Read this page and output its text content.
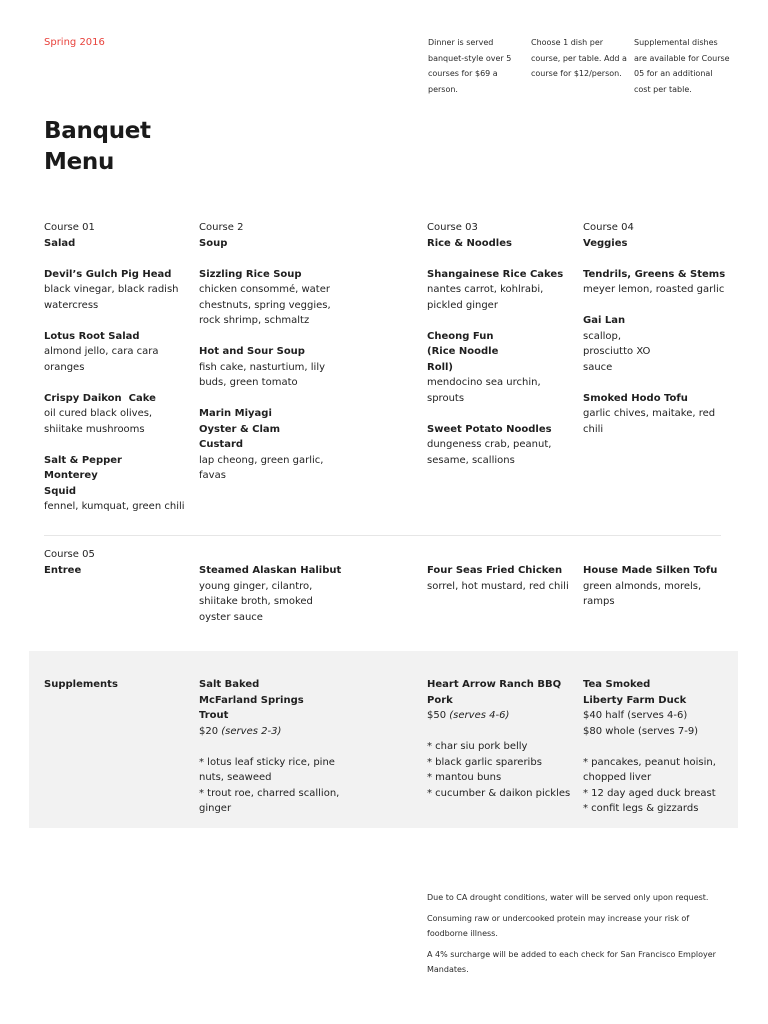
Spring 2016	Dinner is served banquet-style over 5 courses for $69 a person.
Choose 1 dish per course, per table. Add a course for $12/person.
Supplemental dishes are available for Course 05 for an additional cost per table.
Banquet
Menu
Course 01
Salad
Devil’s Gulch Pig Head
black vinegar, black radish watercress
Lotus Root Salad
almond jello, cara cara oranges
Crispy Daikon  Cake
oil cured black olives, shiitake mushrooms
Salt & Pepper Monterey Squid
fennel, kumquat, green chili
Course 2
Soup
Sizzling Rice Soup
chicken consommé, water chestnuts, spring veggies, rock shrimp, schmaltz
Hot and Sour Soup
fish cake, nasturtium, lily buds, green tomato
Marin Miyagi Oyster & Clam Custard
lap cheong, green garlic, favas
Course 03
Rice & Noodles
Shangainese Rice Cakes
nantes carrot, kohlrabi, pickled ginger
Cheong Fun (Rice Noodle Roll)
mendocino sea urchin, sprouts
Sweet Potato Noodles
dungeness crab, peanut, sesame, scallions
Course 04
Veggies
Tendrils, Greens & Stems
meyer lemon, roasted garlic
Gai Lan
scallop, prosciutto XO sauce
Smoked Hodo Tofu
garlic chives, maitake, red chili
Course 05
Entree	Steamed Alaskan Halibut
young ginger, cilantro, shiitake broth, smoked oyster sauce
Four Seas Fried Chicken
sorrel, hot mustard, red chili
House Made Silken Tofu
green almonds, morels, ramps
Supplements	Salt Baked McFarland Springs Trout
$20 (serves 2-3)
* lotus leaf sticky rice, pine nuts, seaweed
* trout roe, charred scallion, ginger
Heart Arrow Ranch BBQ Pork
$50 (serves 4-6)
* char siu pork belly
* black garlic spareribs
* mantou buns
* cucumber & daikon pickles
Tea Smoked Liberty Farm Duck
$40 half (serves 4-6)
$80 whole (serves 7-9)
* pancakes, peanut hoisin, chopped liver
* 12 day aged duck breast
* confit legs & gizzards

Due to CA drought conditions, water will be served only upon request.

Consuming raw or undercooked protein may increase your risk of foodborne illness.

A 4% surcharge will be added to each check for San Francisco Employer Mandates.
